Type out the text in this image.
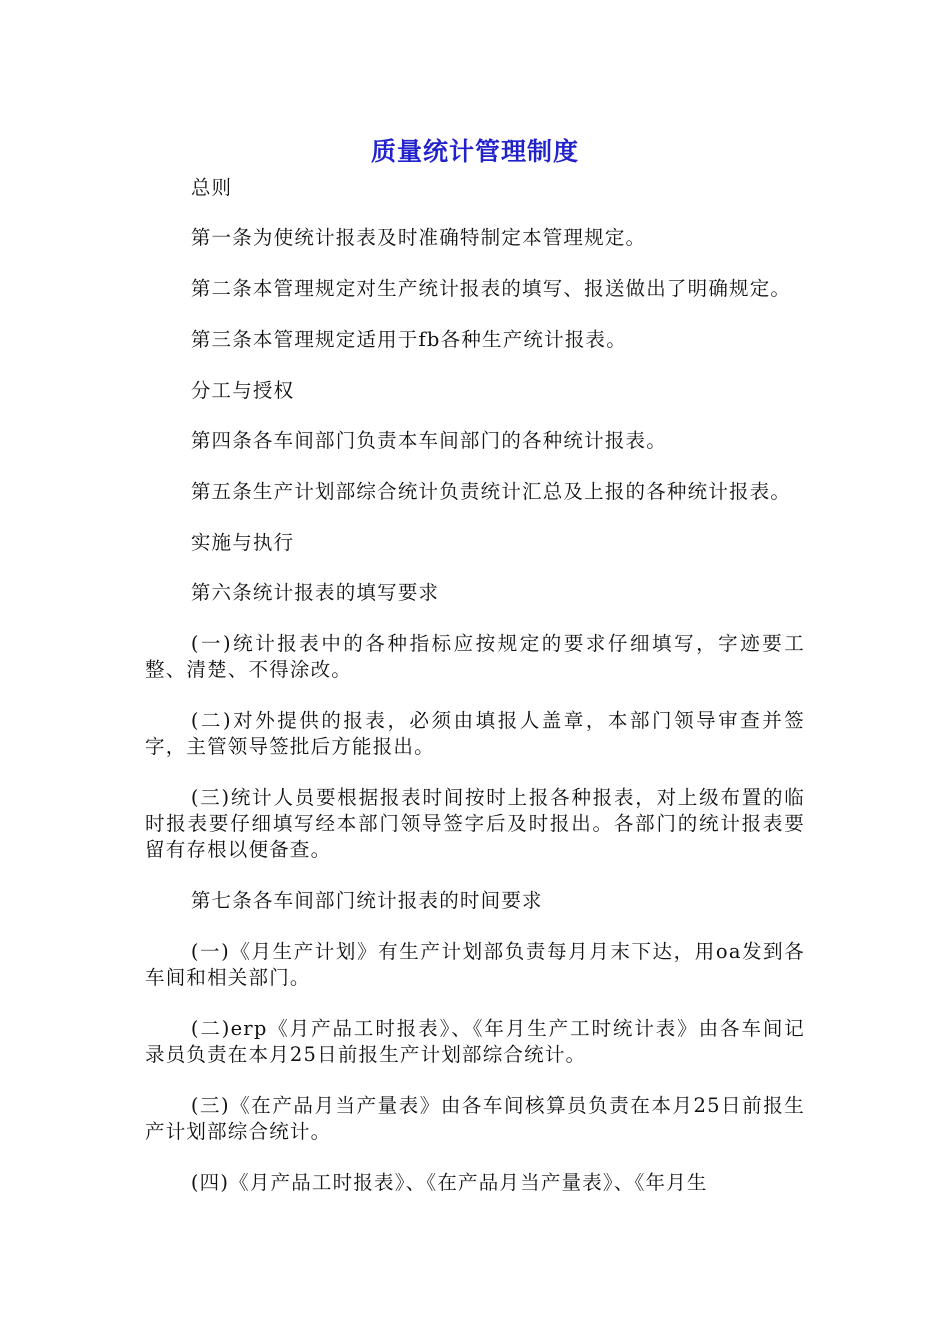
质量统计管理制度

总则

第一条为使统计报表及时准确特制定本管理规定。

第二条本管理规定对生产统计报表的填写、报送做出了明确规定。

第三条本管理规定适用于fb各种生产统计报表。

分工与授权

第四条各车间部门负责本车间部门的各种统计报表。

第五条生产计划部综合统计负责统计汇总及上报的各种统计报表。

实施与执行

第六条统计报表的填写要求

(一)统计报表中的各种指标应按规定的要求仔细填写，字迹要工整、清楚、不得涂改。

(二)对外提供的报表，必须由填报人盖章，本部门领导审查并签字，主管领导签批后方能报出。

(三)统计人员要根据报表时间按时上报各种报表，对上级布置的临时报表要仔细填写经本部门领导签字后及时报出。各部门的统计报表要留有存根以便备查。

第七条各车间部门统计报表的时间要求

(一)《月生产计划》有生产计划部负责每月月末下达，用oa发到各车间和相关部门。

(二)erp《月产品工时报表》、《年月生产工时统计表》由各车间记录员负责在本月25日前报生产计划部综合统计。

(三)《在产品月当产量表》由各车间核算员负责在本月25日前报生产计划部综合统计。

(四)《月产品工时报表》、《在产品月当产量表》、《年月生
